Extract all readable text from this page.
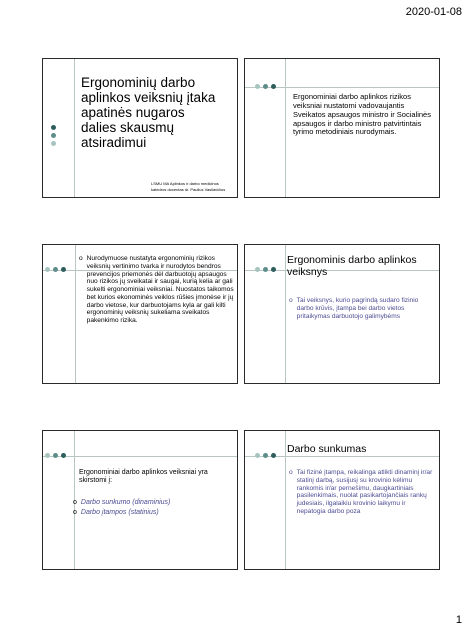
2020-01-08
Ergonominių darbo
aplinkos veiksnių įtaka
apatinės nugaros
dalies skausmų
atsiradimui
LSMU MA Aplinkos ir darbo medicinos
katedros docentas dr. Paulius Vasilavičius
Ergonominiai darbo aplinkos rizikos veiksniai nustatomi vadovaujantis Sveikatos apsaugos ministro ir Socialinės apsaugos ir darbo ministro patvirtintais tyrimo metodiniais nurodymais.
o Nurodymuose nustatyta ergonominių rizikos veiksnių vertinimo tvarka ir nurodytos bendros prevencijos priemonės dėl darbuotojų apsaugos nuo rizikos jų sveikatai ir saugai, kurią kelia ar gali sukelti ergonominiai veiksniai. Nuostatos taikomos bet kurios ekonominės veiklos rūšies įmonėse ir jų darbo vietose, kur darbuotojams kyla ar gali kilti ergonominių veiksnių sukeliama sveikatos pakenkimo rizika.
Ergonominis darbo aplinkos veiksnys
o Tai veiksnys, kurio pagrindą sudaro fizinio darbo krūvis, įtampa bei darbo vietos pritaikymas darbuotojo galimybėms
Ergonominiai darbo aplinkos veiksniai yra skirstomi į:
o Darbo sunkumo (dinaminius)
o Darbo įtampos (statinius)
Darbo sunkumas
o Tai fizinė įtampa, reikalinga atlikti dinaminį ir/ar statinį darbą, susijusį su krovinio kėlimu rankomis ir/ar pernešimu, daugkartiniais pasilenkimais, nuolat pasikartojančiais rankų judesiais, ilgalaikiu krovinio laikymu ir nepatogia darbo poza
1
